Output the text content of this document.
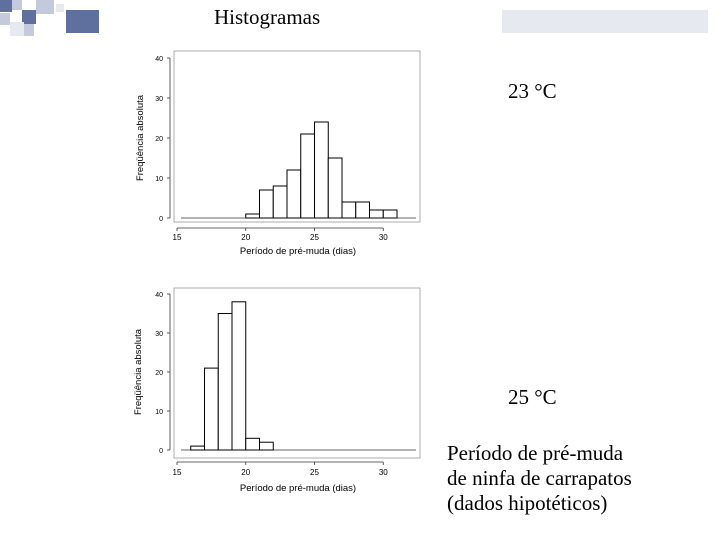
Histogramas
23 °C
25 °C
Período de pré-muda
de ninfa de carrapatos
(dados hipotéticos)
0
10
20
30
40
15	20	25	30
Período de pré-muda (dias)
Freqüência absoluta
0
10
20
30
40
15	20	25	30
Período de pré-muda (dias)
Freqüência absoluta
